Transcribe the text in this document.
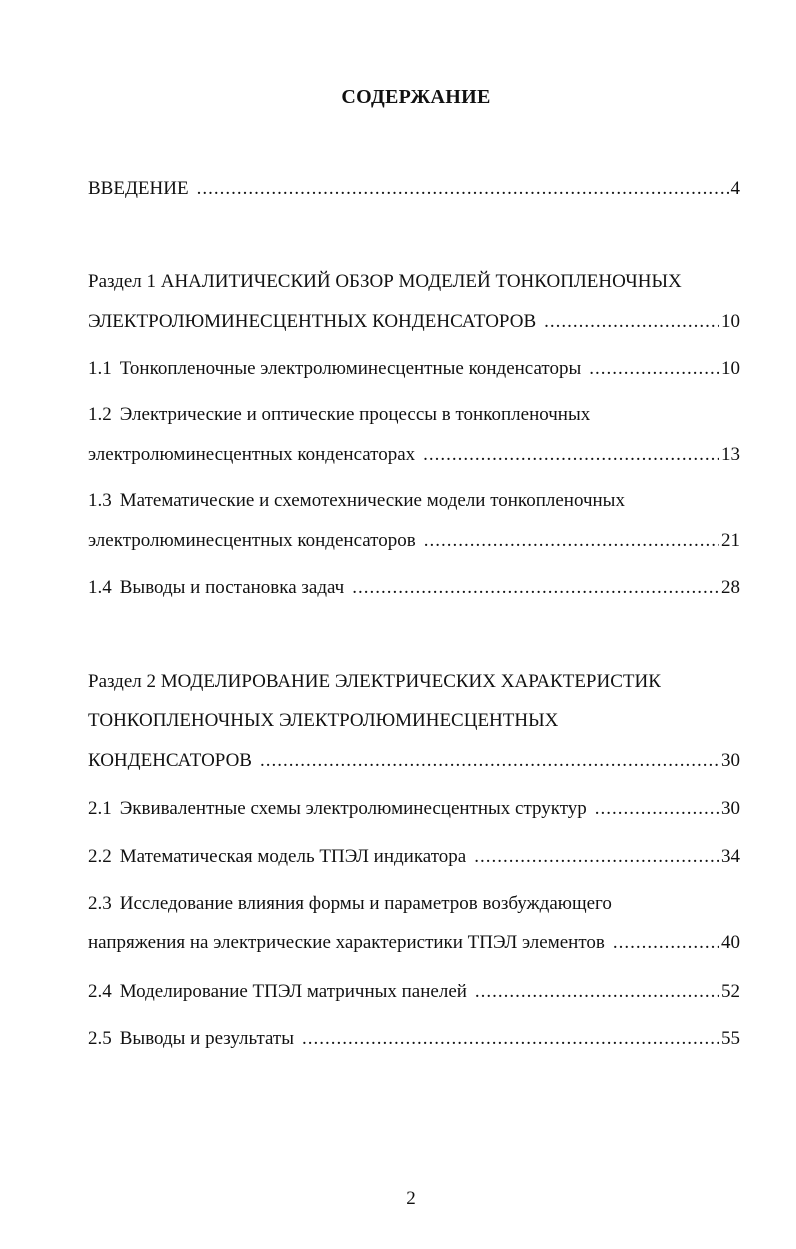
СОДЕРЖАНИЕ
ВВЕДЕНИЕ .....	4
Раздел 1 АНАЛИТИЧЕСКИЙ ОБЗОР МОДЕЛЕЙ ТОНКОПЛЕНОЧНЫХ
ЭЛЕКТРОЛЮМИНЕСЦЕНТНЫХ КОНДЕНСАТОРОВ .....	10
1.1 Тонкопленочные электролюминесцентные конденсаторы .....	10
1.2 Электрические и оптические процессы в тонкопленочных
электролюминесцентных конденсаторах .....	13
1.3 Математические и схемотехнические модели тонкопленочных
электролюминесцентных конденсаторов .....	21
1.4 Выводы и постановка задач .....	28
Раздел 2 МОДЕЛИРОВАНИЕ ЭЛЕКТРИЧЕСКИХ ХАРАКТЕРИСТИК
ТОНКОПЛЕНОЧНЫХ ЭЛЕКТРОЛЮМИНЕСЦЕНТНЫХ
КОНДЕНСАТОРОВ .....	30
2.1 Эквивалентные схемы электролюминесцентных структур .....	30
2.2 Математическая модель ТПЭЛ индикатора .....	34
2.3 Исследование влияния формы и параметров возбуждающего
напряжения на электрические характеристики ТПЭЛ элементов .....	40
2.4 Моделирование ТПЭЛ матричных панелей .....	52
2.5 Выводы и результаты .....	55
2
